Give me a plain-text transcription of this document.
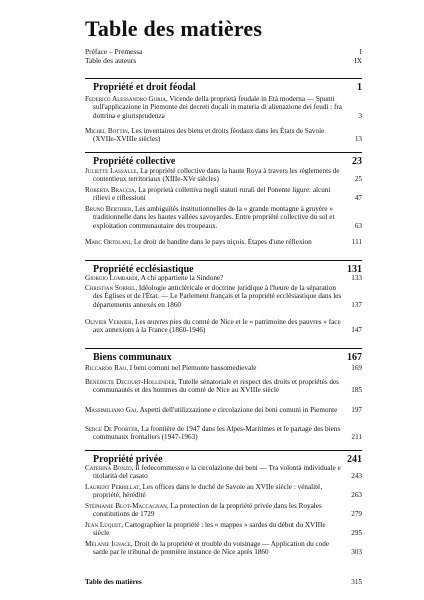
Table des matières
Préface – Premessa	I
Table des auteurs	IX
Propriété et droit féodal	1
Federico Alessandro Goria, Vicende della proprietà feudale in Età moderna — Spunti sull'applicazione in Piemonte dei decreti ducali in materia di alienazione dei feudi : fra dottrina e giurisprudenza	3
Michel Bottin, Les inventaires des biens et droits féodaux dans les États de Savoie (XVIIe-XVIIIe siècles)	13
Propriété collective	23
Juliette Lassalle, La propriété collective dans la haute Roya à travers les règlements de contentieux territoriaux (XIIIe-XVe siècles)	25
Roberta Braccia, La proprietà collettiva negli statuti rurali del Ponente ligure: alcuni rilievi e riflessioni	47
Bruno Berthier, Les ambiguïtés institutionnelles de la « grande montagne à gruyère » traditionnelle dans les hautes vallées savoyardes. Entre propriété collective du sol et exploitation communautaire des troupeaux.	63
Marc Ortolani, Le droit de bandite dans le pays niçois. Étapes d'une réflexion	111
Propriété ecclésiastique	131
Giorgio Lombardi, A chi appartiene la Sindone?	133
Christian Sorrel, Idéologie anticléricale et doctrine juridique à l'heure de la séparation des Églises et de l'État. — Le Parlement français et la propriété ecclésiastique dans les départements annexés en 1860	137
Olivier Vernier, Les œuvres pies du comté de Nice et le « patrimoine des pauvres » face aux annexions à la France (1860-1946)	147
Biens communaux	167
Riccardo Rao, I beni comuni nel Piemonte bassomedievale	169
Bénédicte Decourt-Hollender, Tutelle sénatoriale et respect des droits et propriétés des communautés et des hommes du comté de Nice au XVIIIe siècle	185
Massimiliano Gaj, Aspetti dell'utilizzazione e circolazione dei beni comuni in Piemonte	197
Serge De Poorter, La frontière de 1947 dans les Alpes-Maritimes et le partage des biens communaux frontaliers (1947-1963)	211
Propriété privée	241
Caterina Bonzo, Il fedecommesso e la circolazione dei beni — Tra volontà individuale e titolarità del casato	243
Laurent Perrillat, Les offices dans le duché de Savoie au XVIIe siècle : vénalité, propriété, hérédité	263
Stéphanie Blot-Maccagnan, La protection de la propriété privée dans les Royales constitutions de 1729	279
Jean Luquet, Cartographier la propriété : les « mappes » sardes du début du XVIIIe siècle	295
Mélanie Ignace, Droit de la propriété et trouble du voisinage — Application du code sarde par le tribunal de première instance de Nice après 1860	303
Table des matières	315
